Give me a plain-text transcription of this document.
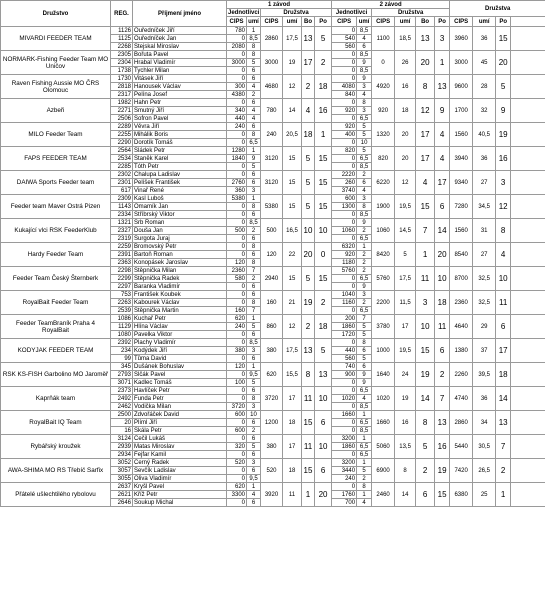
Družstvo	REG.	Příjmení jméno	1 závod						2 závod						Družstva			
			Jednotlivci		Družstva				Jednotlivci		Družstva							
			CIPS	umí	CIPS	umí	Bo	Po	CIPS	umí	CIPS	umí	Bo	Po	CIPS	umí	Po	
MIVARDI FEEDER TEAM	1126	Ouředníček Jiří	780	1	2860	17,5	13	5	0	8,5	1100	18,5	13	3	3960	36	15	
	1125	Ouředníček Jan	0	8,5					540	4								
	2268	Stejskal Miroslav	2080	8					560	6								
NORMARK-Fishing Feeder Team MO Uničov	2305	Bořuta Pavel	0	8	3000	19	17	2	0	8,5	0	26	20	1	3000	45	20	
	2304	Hrabal Vladimír	3000	5					0	9								
	1738	Tychler Milan	0	6					0	8,5								
Raven Fishing Aussie MO ČRS Olomouc	1730	Vitásek Jiří	0	6	4680	12	2	18	0	9	4920	16	8	13	9600	28	5	
	2818	Hanousek Václav	300	4					4080	3								
	2317	Pelína Josef	4380	2					840	4								
Azbeři	1982	Hahn Petr	0	6	780	14	4	16	0	8	920	18	12	9	1700	32	9	
	2271	Smutný Jiří	340	4					920	3								
	2506	Sofron Pavel	440	4					0	6,5								
MILO Feeder Team	2289	Věvra Jiří	240	6	240	20,5	18	1	920	5	1320	20	17	4	1560	40,5	19	
	2255	Mihálik Boris	0	8					400	5								
	2290	Dorotík Tomáš	0	6,5					0	10								
FAPS FEEDER TEAM	2564	Sládek Petr	1280	1	3120	15	5	15	820	5	820	20	17	4	3940	36	16	
	2534	Staněk Karel	1840	9					0	6,5								
	2285	Tóth Petr	0	5					0	8,5								
DAIWA Sports Feeder team	2302	Chalupa Ladislav	0	6	3120	15	5	15	2220	2	6220	12	4	17	9340	27	3	
	2301	Pelíšek František	2760	6					260	6								
	617	Vinař René	360	3					3740	4								
Feeder team Maver Ostrá Pizen	2309	Kasl Luboš	5380	1	5380	15	5	15	600	3	1900	19,5	15	6	7280	34,5	12	
	1143	Omamík Jan	0	8					1300	8								
	2334	Stříbrský Viktor	0	6					0	8,5								
Kukající vlci RSK FeederKlub	1321	Srb Roman	0	8,5	500	16,5	10	10	0	9	1060	14,5	7	14	1560	31	8	
	2327	Douša Jan	500	2					1060	2								
	2319	Surgota Juraj	0	6					0	6,5								
Hardy Feeder Team	2259	Bromovský Petr	0	8	120	22	20	0	6320	1	8420	5	1	20	8540	27	4	
	2391	Bartoň Roman	0	6					920	2								
	2363	Konopásek Jaroslav	120	8					1180	2								
Feeder Team Český Šternberk	2298	Štěpnička Milan	2360	7	2940	15	5	15	5760	2	5760	17,5	11	10	8700	32,5	10	
	2299	Štěpnička Radek	580	2					0	6,5								
	2297	Baranka Vladimír	0	6					0	9								
RoyalBait Feeder Team	753	František Koubek	0	6	160	21	19	2	1040	3	2200	11,5	3	18	2360	32,5	11	
	2263	Kabourek Václav	0	8					1160	2								
	2539	Štěpnička Martin	160	7					0	6,5								
Feeder TeamBraník Praha 4 RoyalBait	1086	Kuchař Petr	620	1	860	12	2	18	200	7	3780	17	10	11	4640	29	6	
	1129	Hlína Václav	240	5					1860	5								
	1080	Pavelka Viktor	0	6					1720	5								
KODYJAK FEEDER TEAM	2392	Plachy Vladimír	0	8,5	380	17,5	13	5	0	8	1000	19,5	15	6	1380	37	17	
	234	Kodýdek Jiří	380	3					440	6								
	99	Tůma David	0	6					560	5								
RSK KS-FISH Garbolino MO Jaroměř	345	Dušánek Bohuslav	120	1	620	15,5	8	13	740	6	1640	24	19	2	2260	39,5	18	
	2793	Šlčák Pavel	0	9,5					900	9								
	3071	Kadlec Tomáš	100	5					0	9								
Kaprňák team	2373	Havlíček Petr	0	6	3720	17	11	10	0	6,5	1020	19	14	7	4740	36	14	
	2492	Funda Petr	0	8					1020	4								
	2462	Vodička Milan	3720	3					0	8,5								
RoyalBait IQ Team	2500	Zdvořáček David	600	10	1200	18	15	6	1660	1	1660	16	8	13	2860	34	13	
	20	Plíml Jiří	0	6					0	6,5								
	16	Skála Petr	600	2					0	8,5								
Rybářský kroužek	3124	Čečil Lukáš	0	6	380	17	11	10	3200	1	5060	13,5	5	16	5440	30,5	7	
	2939	Matas Miroslav	320	5					1860	6,5								
	2934	Fejfar Kamil	0	6					0	6,5								
AWA-SHIMA MO RS Třebíč Sarfix	3052	Černý Radek	520	3	520	18	15	6	3200	1	6900	8	2	19	7420	26,5	2	
	3057	Ševčík Ladislav	0	6					3440	5								
	3055	Oliva Vladimír	0	9,5					240	2								
Přátelé ušlechtilého rybolovu	2637	Kryšl Pavel	620	1	3920	11	1	20	0	8	2460	14	6	15	6380	25	1	
	2621	Kříž Petr	3300	4					1760	1								
	2646	Soukup Michal	0	6					700	4								
